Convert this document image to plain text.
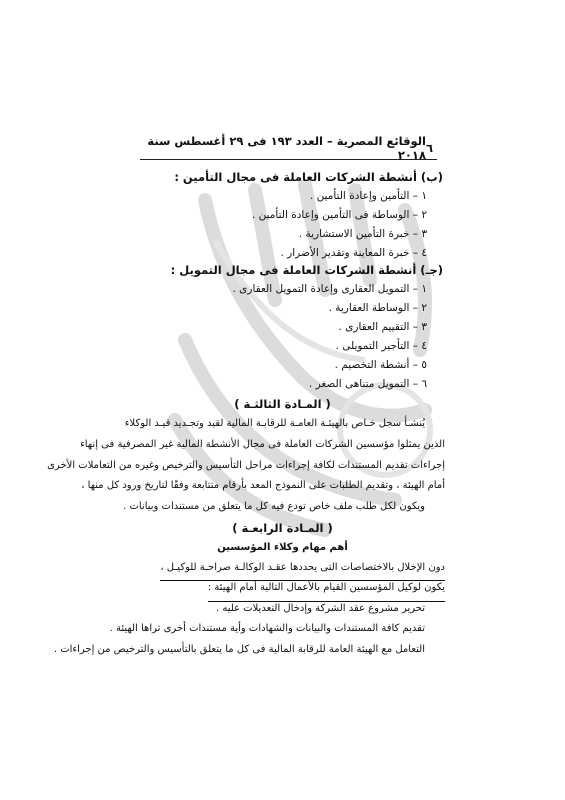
٦
الوقائع المصرية – العدد ١٩٣ فى ٢٩ أغسطس سنة ٢٠١٨
(ب) أنشطة الشركات العاملة فى مجال التأمين :
١ – التأمين وإعادة التأمين .
٢ – الوساطة فى التأمين وإعادة التأمين .
٣ – خبرة التأمين الاستشارية .
٤ – خبرة المعاينة وتقدير الأضرار .
(جـ) أنشطة الشركات العاملة فى مجال التمويل :
١ – التمويل العقارى وإعادة التمويل العقارى .
٢ – الوساطة العقارية .
٣ – التقييم العقارى .
٤ – التأجير التمويلى .
٥ – أنشطة التخصيم .
٦ – التمويل متناهى الصغر .
( المـادة الثالثـة )

يُنشـأ سجل خـاص بالهيئـة العامـة للرقابـة المالية لقيد وتجـديد قيـد الوكلاء
الذين يمثلوا مؤسسين الشركات العاملة فى مجال الأنشطة المالية غير المصرفية فى إنهاء
إجراءات تقديم المستندات لكافة إجراءات مراحل التأسيس والترخيص وغيره من التعاملات الأخرى
أمام الهيئة ، وتقديم الطلبات على النموذج المعد بأرقام متتابعة وفقًا لتاريخ ورود كل منها ،
ويكون لكل طلب ملف خاص تودع فيه كل ما يتعلق من مستندات وبيانات .

( المـادة الرابعـة )
أهم مهام وكلاء المؤسسين
دون الإخلال بالاختصاصات التى يحددها عقـد الوكالـة صراحـة للوكيـل ،
يكون لوكيل المؤسسين القيام بالأعمال التالية أمام الهيئة :
تحرير مشروع عقد الشركة وإدخال التعديلات عليه .
تقديم كافة المستندات والبيانات والشهادات وأية مستندات أخرى تراها الهيئة .
التعامل مع الهيئة العامة للرقابة المالية فى كل ما يتعلق بالتأسيس والترخيص من إجراءات .
